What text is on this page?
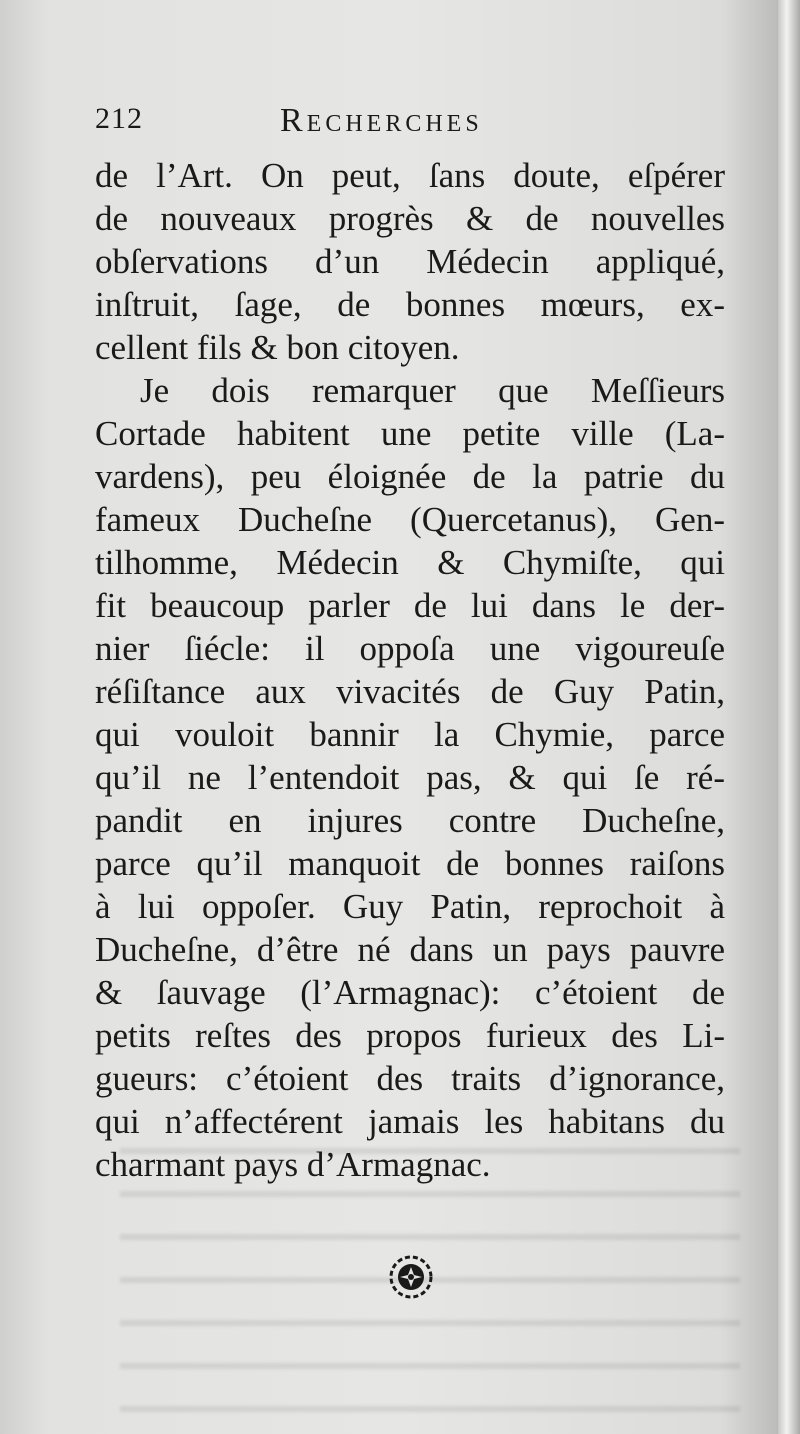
212	Recherches
de l’Art. On peut, ſans doute, eſpérer
de nouveaux progrès & de nouvelles
obſervations d’un Médecin appliqué,
inſtruit, ſage, de bonnes mœurs, ex-
cellent fils & bon citoyen.
Je dois remarquer que Meſſieurs
Cortade habitent une petite ville (La-
vardens), peu éloignée de la patrie du
fameux Ducheſne (Quercetanus), Gen-
tilhomme, Médecin & Chymiſte, qui
fit beaucoup parler de lui dans le der-
nier ſiécle: il oppoſa une vigoureuſe
réſiſtance aux vivacités de Guy Patin,
qui vouloit bannir la Chymie, parce
qu’il ne l’entendoit pas, & qui ſe ré-
pandit en injures contre Ducheſne,
parce qu’il manquoit de bonnes raiſons
à lui oppoſer. Guy Patin, reprochoit à
Ducheſne, d’être né dans un pays pauvre
& ſauvage (l’Armagnac): c’étoient de
petits reſtes des propos furieux des Li-
gueurs: c’étoient des traits d’ignorance,
qui n’affectérent jamais les habitans du
charmant pays d’Armagnac.
